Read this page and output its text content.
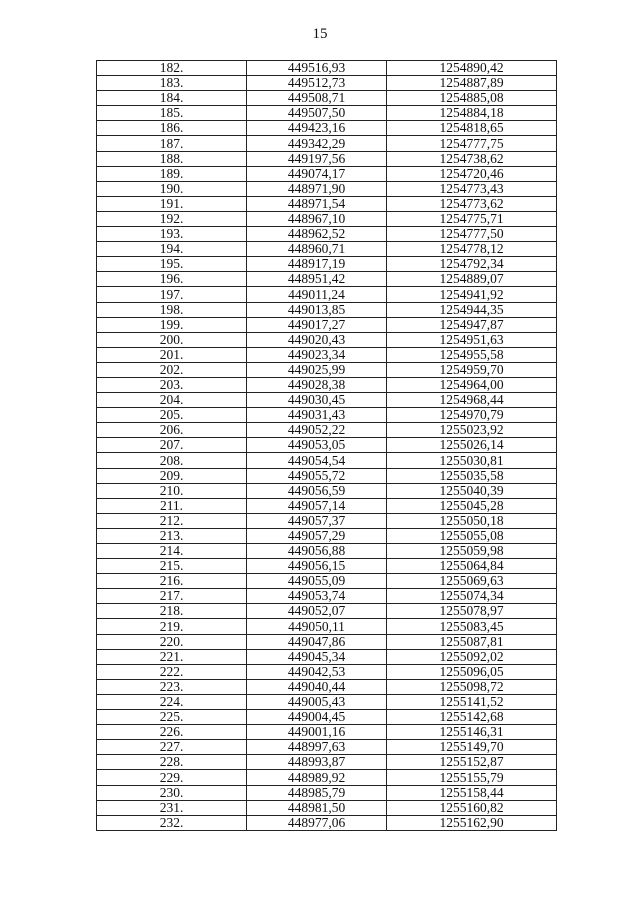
15
182.	449516,93	1254890,42
183.	449512,73	1254887,89
184.	449508,71	1254885,08
185.	449507,50	1254884,18
186.	449423,16	1254818,65
187.	449342,29	1254777,75
188.	449197,56	1254738,62
189.	449074,17	1254720,46
190.	448971,90	1254773,43
191.	448971,54	1254773,62
192.	448967,10	1254775,71
193.	448962,52	1254777,50
194.	448960,71	1254778,12
195.	448917,19	1254792,34
196.	448951,42	1254889,07
197.	449011,24	1254941,92
198.	449013,85	1254944,35
199.	449017,27	1254947,87
200.	449020,43	1254951,63
201.	449023,34	1254955,58
202.	449025,99	1254959,70
203.	449028,38	1254964,00
204.	449030,45	1254968,44
205.	449031,43	1254970,79
206.	449052,22	1255023,92
207.	449053,05	1255026,14
208.	449054,54	1255030,81
209.	449055,72	1255035,58
210.	449056,59	1255040,39
211.	449057,14	1255045,28
212.	449057,37	1255050,18
213.	449057,29	1255055,08
214.	449056,88	1255059,98
215.	449056,15	1255064,84
216.	449055,09	1255069,63
217.	449053,74	1255074,34
218.	449052,07	1255078,97
219.	449050,11	1255083,45
220.	449047,86	1255087,81
221.	449045,34	1255092,02
222.	449042,53	1255096,05
223.	449040,44	1255098,72
224.	449005,43	1255141,52
225.	449004,45	1255142,68
226.	449001,16	1255146,31
227.	448997,63	1255149,70
228.	448993,87	1255152,87
229.	448989,92	1255155,79
230.	448985,79	1255158,44
231.	448981,50	1255160,82
232.	448977,06	1255162,90
